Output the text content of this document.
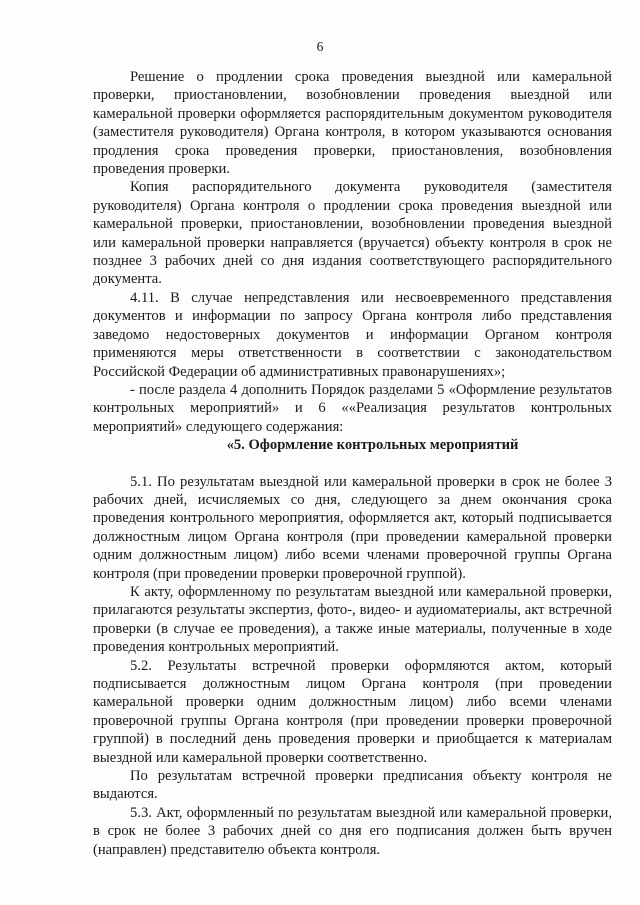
6

Решение о продлении срока проведения выездной или камеральной проверки, приостановлении, возобновлении проведения выездной или камеральной проверки оформляется распорядительным документом руководителя (заместителя руководителя) Органа контроля, в котором указываются основания продления срока проведения проверки, приостановления, возобновления проведения проверки.

Копия распорядительного документа руководителя (заместителя руководителя) Органа контроля о продлении срока проведения выездной или камеральной проверки, приостановлении, возобновлении проведения выездной или камеральной проверки направляется (вручается) объекту контроля в срок не позднее 3 рабочих дней со дня издания соответствующего распорядительного документа.

4.11. В случае непредставления или несвоевременного представления документов и информации по запросу Органа контроля либо представления заведомо недостоверных документов и информации Органом контроля применяются меры ответственности в соответствии с законодательством Российской Федерации об административных правонарушениях»;

- после раздела 4 дополнить Порядок разделами 5 «Оформление результатов контрольных мероприятий» и 6 ««Реализация результатов контрольных мероприятий» следующего содержания:

«5. Оформление контрольных мероприятий

5.1. По результатам выездной или камеральной проверки в срок не более 3 рабочих дней, исчисляемых со дня, следующего за днем окончания срока проведения контрольного мероприятия, оформляется акт, который подписывается должностным лицом Органа контроля (при проведении камеральной проверки одним должностным лицом) либо всеми членами проверочной группы Органа контроля (при проведении проверки проверочной группой).

К акту, оформленному по результатам выездной или камеральной проверки, прилагаются результаты экспертиз, фото-, видео- и аудиоматериалы, акт встречной проверки (в случае ее проведения), а также иные материалы, полученные в ходе проведения контрольных мероприятий.

5.2. Результаты встречной проверки оформляются актом, который подписывается должностным лицом Органа контроля (при проведении камеральной проверки одним должностным лицом) либо всеми членами проверочной группы Органа контроля (при проведении проверки проверочной группой) в последний день проведения проверки и приобщается к материалам выездной или камеральной проверки соответственно.

По результатам встречной проверки предписания объекту контроля не выдаются.

5.3. Акт, оформленный по результатам выездной или камеральной проверки, в срок не более 3 рабочих дней со дня его подписания должен быть вручен (направлен) представителю объекта контроля.
